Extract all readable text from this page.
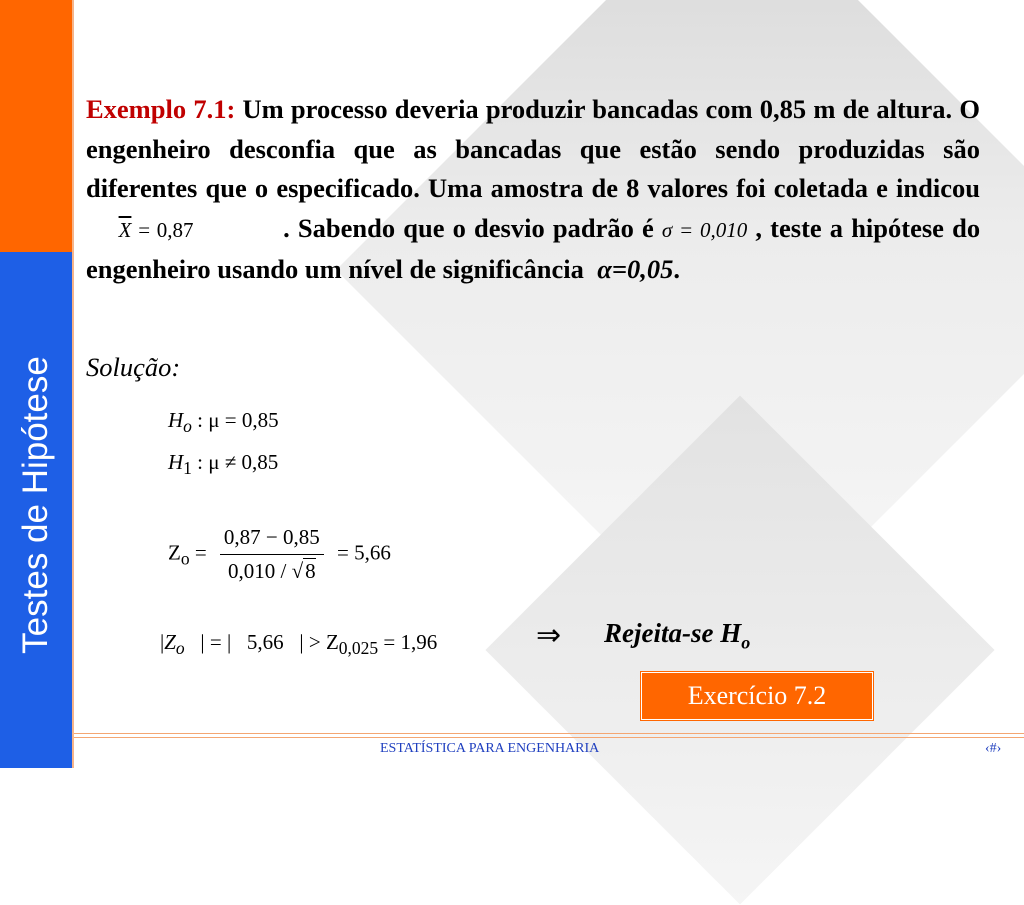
Testes de Hipótese
Exemplo 7.1: Um processo deveria produzir bancadas com 0,85 m de altura. O engenheiro desconfia que as bancadas que estão sendo produzidas são diferentes que o especificado. Uma amostra de 8 valores foi coletada e indicou     $\overline{X} = 0,87$	. Sabendo que o desvio padrão é σ = 0,010 , teste a hipótese do engenheiro usando um nível de significância α=0,05.
Solução:
$H_o$ : μ = 0,85
$H_1$ : μ ≠ 0,85
$Z_o = \frac{0,87 - 0,85}{0,010 / √8} = 5,66$
$|Z_o$ | = | 5,66 | > $Z_{0,025} = 1,96$	⇒ Rejeita-se $H_o$
Exercício 7.2
ESTATÍSTICA PARA ENGENHARIA	‹#›
